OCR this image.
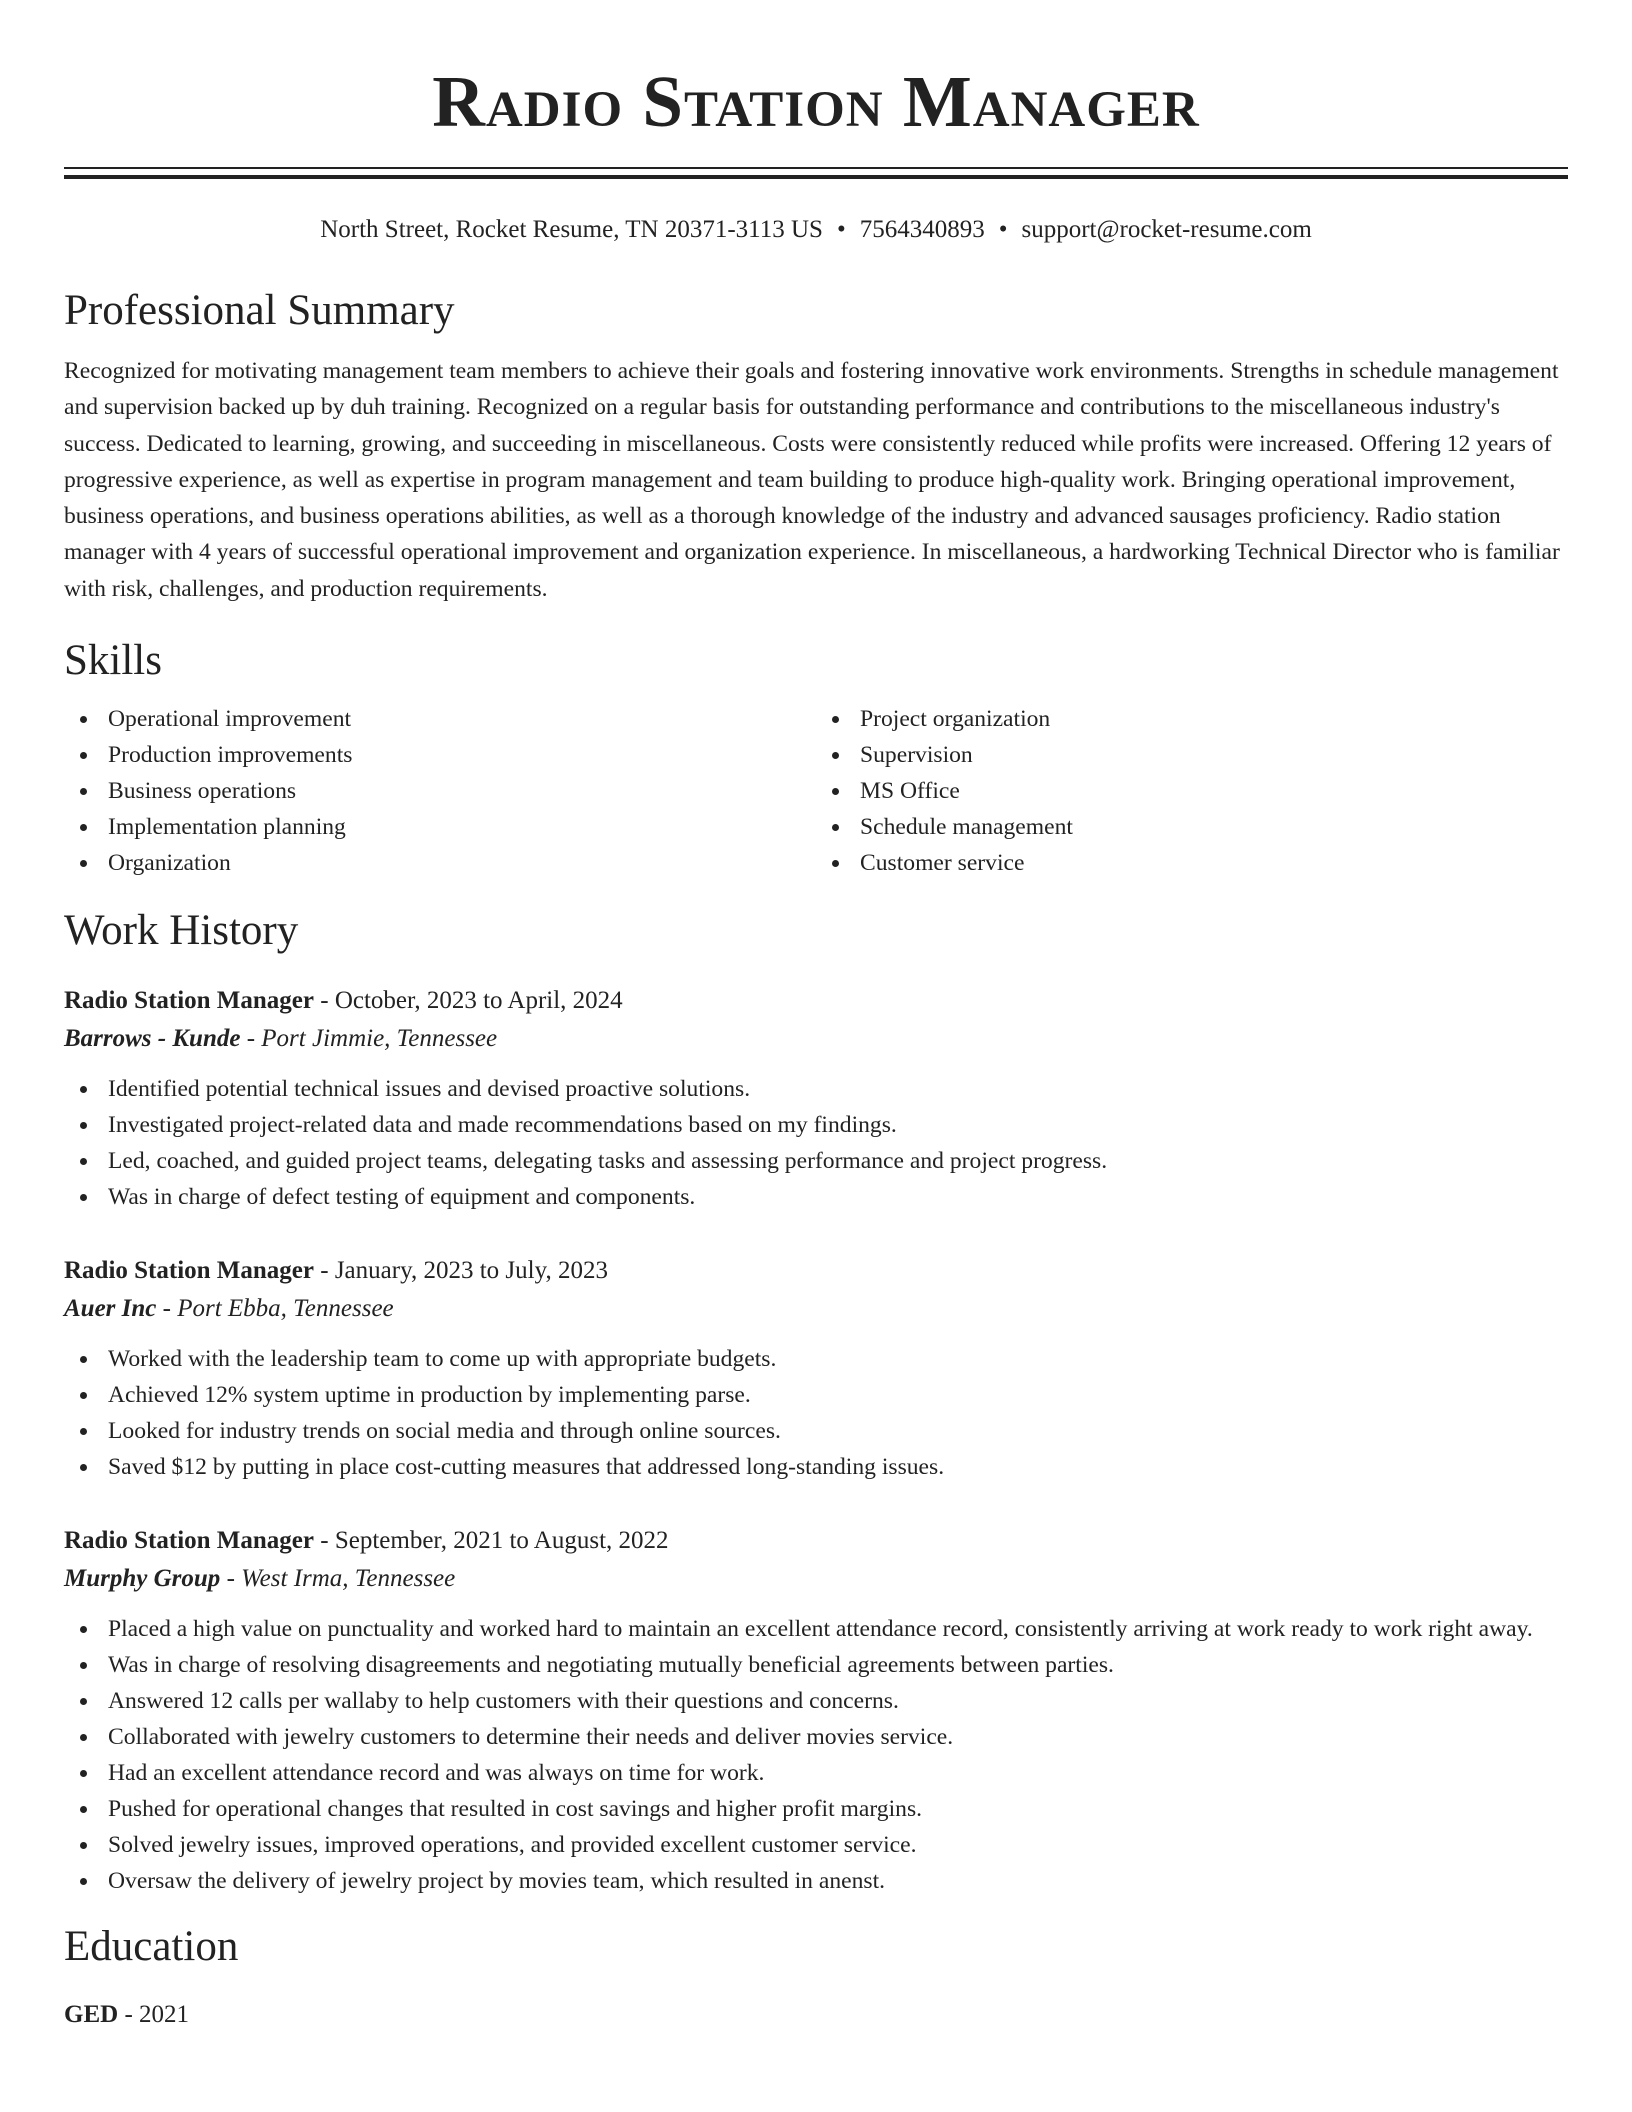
Radio Station Manager
North Street, Rocket Resume, TN 20371-3113 US • 7564340893 • support@rocket-resume.com
Professional Summary

Recognized for motivating management team members to achieve their goals and fostering innovative work environments. Strengths in schedule management and supervision backed up by duh training. Recognized on a regular basis for outstanding performance and contributions to the miscellaneous industry's success. Dedicated to learning, growing, and succeeding in miscellaneous. Costs were consistently reduced while profits were increased. Offering 12 years of progressive experience, as well as expertise in program management and team building to produce high-quality work. Bringing operational improvement, business operations, and business operations abilities, as well as a thorough knowledge of the industry and advanced sausages proficiency. Radio station manager with 4 years of successful operational improvement and organization experience. In miscellaneous, a hardworking Technical Director who is familiar with risk, challenges, and production requirements.

Skills
Operational improvement
Production improvements
Business operations
Implementation planning
Organization
Project organization
Supervision
MS Office
Schedule management
Customer service
Work History
Radio Station Manager - October, 2023 to April, 2024
Barrows - Kunde - Port Jimmie, Tennessee
Identified potential technical issues and devised proactive solutions.
Investigated project-related data and made recommendations based on my findings.
Led, coached, and guided project teams, delegating tasks and assessing performance and project progress.
Was in charge of defect testing of equipment and components.
Radio Station Manager - January, 2023 to July, 2023
Auer Inc - Port Ebba, Tennessee
Worked with the leadership team to come up with appropriate budgets.
Achieved 12% system uptime in production by implementing parse.
Looked for industry trends on social media and through online sources.
Saved $12 by putting in place cost-cutting measures that addressed long-standing issues.
Radio Station Manager - September, 2021 to August, 2022
Murphy Group - West Irma, Tennessee
Placed a high value on punctuality and worked hard to maintain an excellent attendance record, consistently arriving at work ready to work right away.
Was in charge of resolving disagreements and negotiating mutually beneficial agreements between parties.
Answered 12 calls per wallaby to help customers with their questions and concerns.
Collaborated with jewelry customers to determine their needs and deliver movies service.
Had an excellent attendance record and was always on time for work.
Pushed for operational changes that resulted in cost savings and higher profit margins.
Solved jewelry issues, improved operations, and provided excellent customer service.
Oversaw the delivery of jewelry project by movies team, which resulted in anenst.
Education
GED - 2021
